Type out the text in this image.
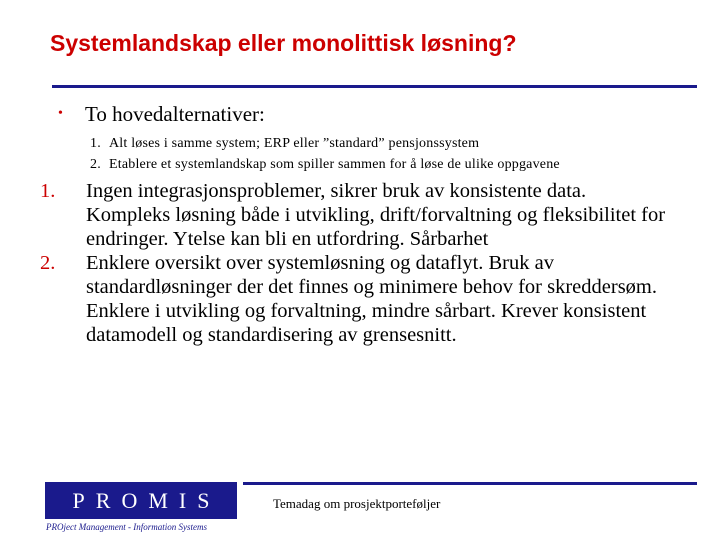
Systemlandskap eller monolittisk løsning?
• To hovedalternativer:
1. Alt løses i samme system; ERP eller ”standard” pensjonssystem
2. Etablere et systemlandskap som spiller sammen for å løse de ulike oppgavene

1. Ingen integrasjonsproblemer, sikrer bruk av konsistente data. Kompleks løsning både i utvikling, drift/forvaltning og fleksibilitet for endringer. Ytelse kan bli en utfordring. Sårbarhet

2. Enklere oversikt over systemløsning og dataflyt. Bruk av standardløsninger der det finnes og minimere behov for skreddersøm. Enklere i utvikling og forvaltning, mindre sårbart. Krever konsistent datamodell og standardisering av grensesnitt.

PROMIS
PROject Management - Information Systems
Temadag om prosjektporteføljer
